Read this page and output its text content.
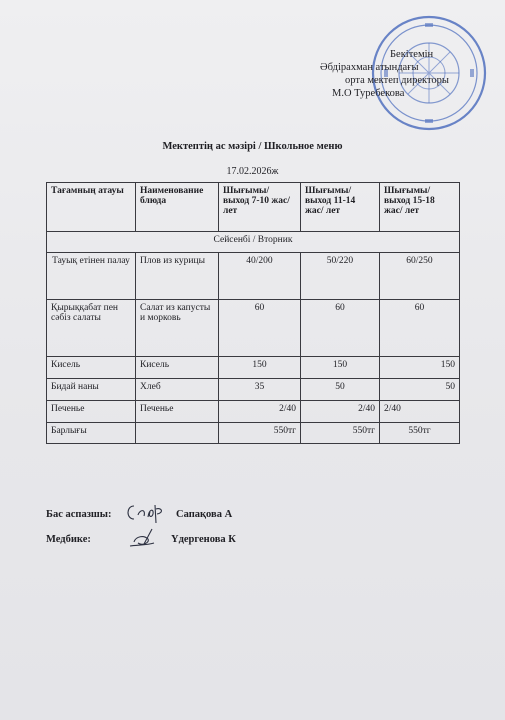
Бекітемін
Әбдірахман атындағы
орта мектеп директоры
М.О Туребекова
Мектептің ас мәзірі / Школьное меню
17.02.2026ж
Тағамның атауы	Наименование блюда	Шығымы/ выход 7-10 жас/ лет	Шығымы/ выход 11-14 жас/ лет	Шығымы/ выход 15-18 жас/ лет
Сейсенбі / Вторник				
Тауық етінен палау	Плов из курицы	40/200	50/220	60/250
Қырыққабат пен сәбіз салаты	Салат из капусты и морковь	60	60	60
Кисель	Кисель	150	150	150
Бидай наны	Хлеб	35	50	50
Печенье	Печенье	2/40	2/40	2/40
Барлығы		550тг	550тг	550тг
Бас аспазшы:	Сапақова А
Медбике:	Үдергенова К
